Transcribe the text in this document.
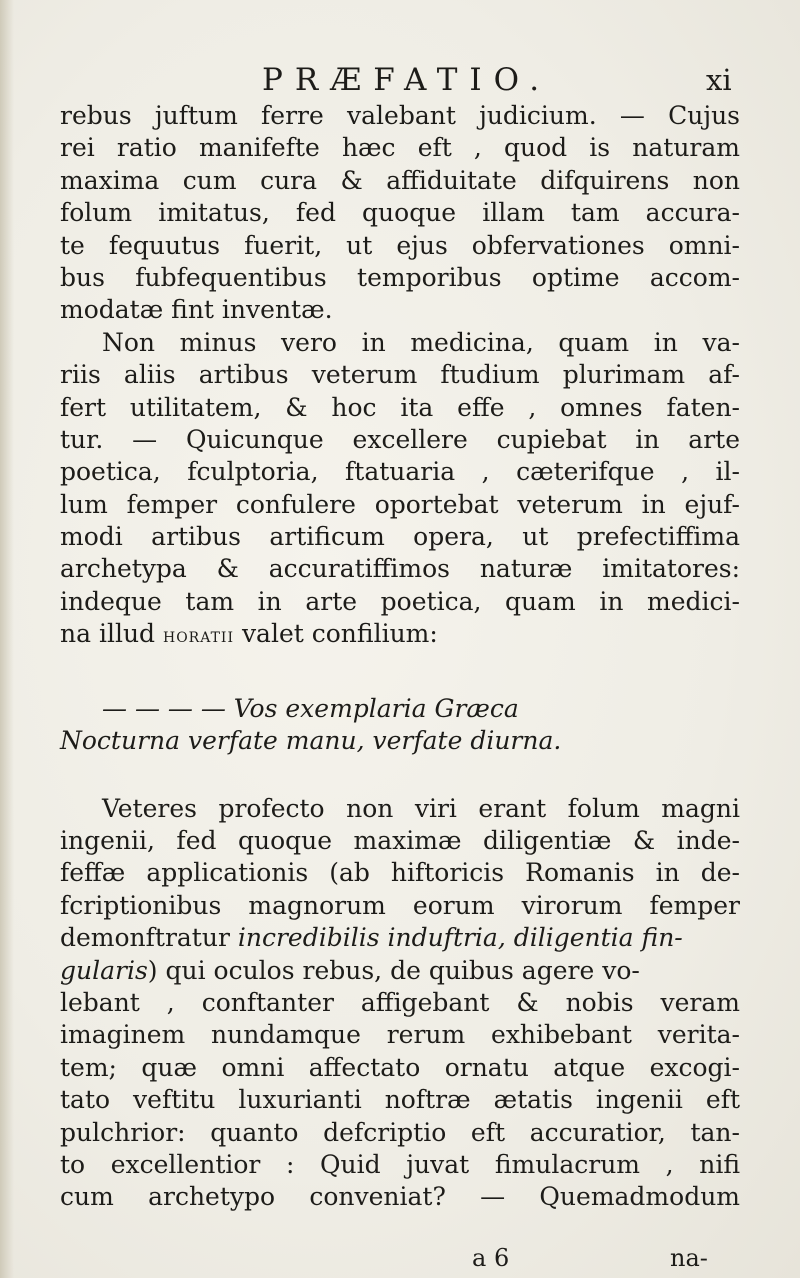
PRÆFATIO.	xi
rebus juftum ferre valebant judicium. — Cujus
rei ratio manifefte hæc eft , quod is naturam
maxima cum cura & affiduitate difquirens non
folum imitatus, fed quoque illam tam accura-
te fequutus fuerit, ut ejus obfervationes omni-
bus fubfequentibus temporibus optime accom-
modatæ fint inventæ.
Non minus vero in medicina, quam in va-
riis aliis artibus veterum ftudium plurimam af-
fert utilitatem, & hoc ita effe , omnes faten-
tur. — Quicunque excellere cupiebat in arte
poetica, fculptoria, ftatuaria , cæterifque , il-
lum femper confulere oportebat veterum in ejuf-
modi artibus artificum opera, ut prefectiffima
archetypa & accuratiffimos naturæ imitatores:
indeque tam in arte poetica, quam in medici-
na illud horatii valet confilium:
— — — — Vos exemplaria Græca
Nocturna verfate manu, verfate diurna.
Veteres profecto non viri erant folum magni
ingenii, fed quoque maximæ diligentiæ & inde-
feffæ applicationis (ab hiftoricis Romanis in de-
fcriptionibus magnorum eorum virorum femper
demonftratur incredibilis induftria, diligentia fin-
gularis) qui oculos rebus, de quibus agere vo-
lebant , conftanter affigebant & nobis veram
imaginem nundamque rerum exhibebant verita-
tem; quæ omni affectato ornatu atque excogi-
tato veftitu luxurianti noftræ ætatis ingenii eft
pulchrior: quanto defcriptio eft accuratior, tan-
to excellentior : Quid juvat fimulacrum , nifi
cum archetypo conveniat? — Quemadmodum
a 6	na-
